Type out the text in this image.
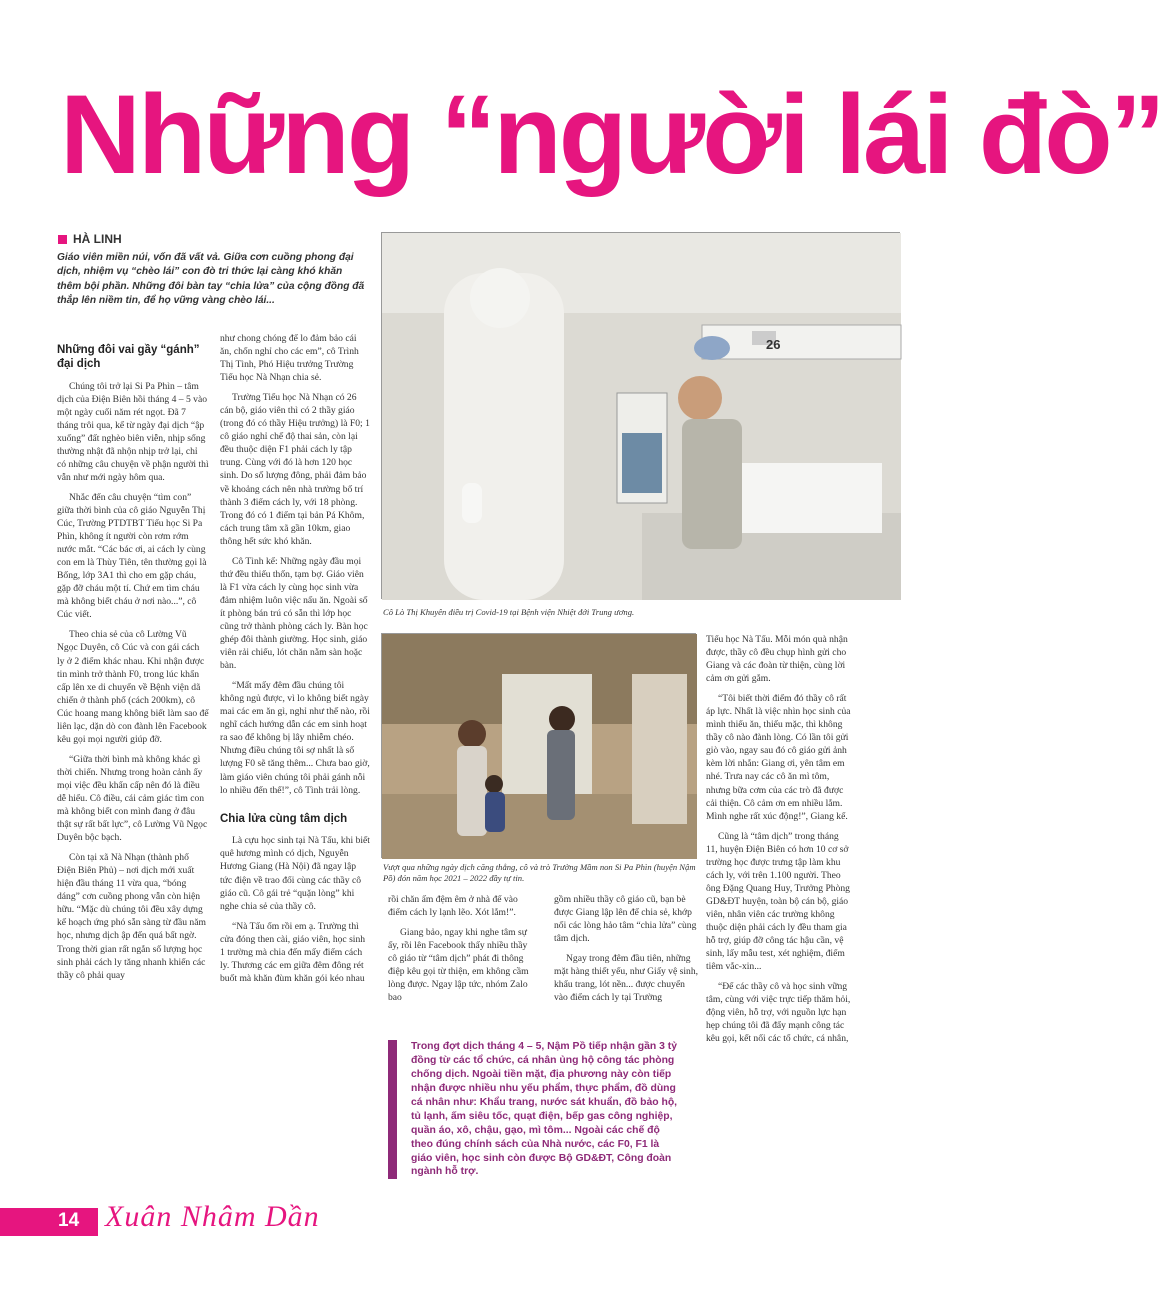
Những “người lái đò”
HÀ LINH
Giáo viên miền núi, vốn đã vất vả. Giữa cơn cuồng phong đại dịch, nhiệm vụ “chèo lái” con đò tri thức lại càng khó khăn thêm bội phần. Những đôi bàn tay “chia lửa” của cộng đồng đã thắp lên niềm tin, để họ vững vàng chèo lái...
Những đôi vai gầy “gánh” đại dịch

Chúng tôi trở lại Si Pa Phìn – tâm dịch của Điện Biên hồi tháng 4 – 5 vào một ngày cuối năm rét ngọt. Đã 7 tháng trôi qua, kể từ ngày đại dịch “ập xuống” đất nghèo biên viễn, nhịp sống thường nhật đã nhộn nhịp trở lại, chỉ có những câu chuyện về phận người thì vẫn như mới ngày hôm qua.

Nhắc đến câu chuyện “tìm con” giữa thời bình của cô giáo Nguyễn Thị Cúc, Trường PTDTBT Tiểu học Si Pa Phìn, không ít người còn rơm rớm nước mắt. “Các bác ơi, ai cách ly cùng con em là Thùy Tiên, tên thường gọi là Bống, lớp 3A1 thì cho em gặp cháu, gặp đỡ cháu một tí. Chứ em tìm cháu mà không biết cháu ở nơi nào...”, cô Cúc viết.

Theo chia sẻ của cô Lường Vũ Ngọc Duyên, cô Cúc và con gái cách ly ở 2 điểm khác nhau. Khi nhận được tin mình trở thành F0, trong lúc khẩn cấp lên xe di chuyển về Bệnh viện dã chiến ở thành phố (cách 200km), cô Cúc hoang mang không biết làm sao để liên lạc, dặn dò con đành lên Facebook kêu gọi mọi người giúp đỡ.

“Giữa thời bình mà không khác gì thời chiến. Nhưng trong hoàn cảnh ấy mọi việc đều khẩn cấp nên đó là điều dễ hiểu. Cô điều, cái cảm giác tìm con mà không biết con mình đang ở đâu thật sự rất bất lực”, cô Lường Vũ Ngọc Duyên bộc bạch.

Còn tại xã Nà Nhạn (thành phố Điện Biên Phủ) – nơi dịch mới xuất hiện đầu tháng 11 vừa qua, “bóng dáng” cơn cuồng phong vẫn còn hiện hữu. “Mặc dù chúng tôi đều xây dựng kế hoạch ứng phó sẵn sàng từ đầu năm học, nhưng dịch ập đến quá bất ngờ. Trong thời gian rất ngắn số lượng học sinh phải cách ly tăng nhanh khiến các thầy cô phải quay

như chong chóng để lo đảm bảo cái ăn, chốn nghỉ cho các em”, cô Trình Thị Tình, Phó Hiệu trưởng Trường Tiểu học Nà Nhạn chia sẻ.

Trường Tiểu học Nà Nhạn có 26 cán bộ, giáo viên thì có 2 thầy giáo (trong đó có thầy Hiệu trưởng) là F0; 1 cô giáo nghỉ chế độ thai sản, còn lại đều thuộc diện F1 phải cách ly tập trung. Cùng với đó là hơn 120 học sinh. Do số lượng đông, phải đảm bảo về khoảng cách nên nhà trường bố trí thành 3 điểm cách ly, với 18 phòng. Trong đó có 1 điểm tại bản Pá Khôm, cách trung tâm xã gần 10km, giao thông hết sức khó khăn.

Cô Tình kể: Những ngày đầu mọi thứ đều thiếu thốn, tạm bợ. Giáo viên là F1 vừa cách ly cùng học sinh vừa đảm nhiệm luôn việc nấu ăn. Ngoài số ít phòng bán trú có sẵn thì lớp học cũng trở thành phòng cách ly. Bàn học ghép đôi thành giường. Học sinh, giáo viên rải chiếu, lót chăn nằm sàn hoặc bàn.

“Mất mấy đêm đầu chúng tôi không ngủ được, vì lo không biết ngày mai các em ăn gì, nghỉ như thế nào, rồi nghĩ cách hướng dẫn các em sinh hoạt ra sao để không bị lây nhiễm chéo. Nhưng điều chúng tôi sợ nhất là số lượng F0 sẽ tăng thêm... Chưa bao giờ, làm giáo viên chúng tôi phải gánh nỗi lo nhiều đến thế!”, cô Tình trải lòng.

Chia lửa cùng tâm dịch

Là cựu học sinh tại Nà Tấu, khi biết quê hương mình có dịch, Nguyễn Hương Giang (Hà Nội) đã ngay lập tức điện về trao đổi cùng các thầy cô giáo cũ. Cô gái trẻ “quặn lòng” khi nghe chia sẻ của thầy cô.

“Nà Tấu ốm rồi em ạ. Trường thì cửa đóng then cài, giáo viên, học sinh 1 trường mà chia đến mấy điểm cách ly. Thương các em giữa đêm đông rét buốt mà khăn đùm khăn gói kéo nhau

26
Cô Lò Thị Khuyên điều trị Covid-19 tại Bệnh viện Nhiệt đới Trung ương.
Vượt qua những ngày dịch căng thẳng, cô và trò Trường Mầm non Si Pa Phìn (huyện Nậm Pồ) đón năm học 2021 – 2022 đầy tự tin.

rồi chăn ấm đệm êm ở nhà để vào điểm cách ly lạnh lẽo. Xót lắm!”.

Giang bảo, ngay khi nghe tâm sự ấy, rồi lên Facebook thấy nhiều thầy cô giáo từ “tâm dịch” phát đi thông điệp kêu gọi từ thiện, em không cầm lòng được. Ngay lập tức, nhóm Zalo bao

gồm nhiều thầy cô giáo cũ, bạn bè được Giang lập lên để chia sẻ, khớp nối các lòng hảo tâm “chia lửa” cùng tâm dịch.

Ngay trong đêm đầu tiên, những mặt hàng thiết yếu, như Giấy vệ sinh, khẩu trang, lót nền... được chuyển vào điểm cách ly tại Trường

Trong đợt dịch tháng 4 – 5, Nậm Pồ tiếp nhận gần 3 tỷ đồng từ các tổ chức, cá nhân ủng hộ công tác phòng chống dịch. Ngoài tiền mặt, địa phương này còn tiếp nhận được nhiều nhu yếu phẩm, thực phẩm, đồ dùng cá nhân như: Khẩu trang, nước sát khuẩn, đồ bảo hộ, tủ lạnh, ấm siêu tốc, quạt điện, bếp gas công nghiệp, quần áo, xô, chậu, gạo, mì tôm... Ngoài các chế độ theo đúng chính sách của Nhà nước, các F0, F1 là giáo viên, học sinh còn được Bộ GD&ĐT, Công đoàn ngành hỗ trợ.

Tiểu học Nà Tấu. Mỗi món quà nhận được, thầy cô đều chụp hình gửi cho Giang và các đoàn từ thiện, cùng lời cảm ơn gửi gắm.

“Tôi biết thời điểm đó thầy cô rất áp lực. Nhất là việc nhìn học sinh của mình thiếu ăn, thiếu mặc, thì không thầy cô nào đành lòng. Có lần tôi gửi giò vào, ngay sau đó cô giáo gửi ảnh kèm lời nhắn: Giang ơi, yên tâm em nhé. Trưa nay các cô ăn mì tôm, nhưng bữa cơm của các trò đã được cải thiện. Cô cảm ơn em nhiều lắm. Mình nghe rất xúc động!”, Giang kể.

Cũng là “tâm dịch” trong tháng 11, huyện Điện Biên có hơn 10 cơ sở trường học được trưng tập làm khu cách ly, với trên 1.100 người. Theo ông Đặng Quang Huy, Trưởng Phòng GD&ĐT huyện, toàn bộ cán bộ, giáo viên, nhân viên các trường không thuộc diện phải cách ly đều tham gia hỗ trợ, giúp đỡ công tác hậu cần, vệ sinh, lấy mẫu test, xét nghiệm, điểm tiêm vắc-xin...

“Để các thầy cô và học sinh vững tâm, cùng với việc trực tiếp thăm hỏi, động viên, hỗ trợ, với nguồn lực hạn hẹp chúng tôi đã đẩy mạnh công tác kêu gọi, kết nối các tổ chức, cá nhân,

14 Xuân Nhâm Dần
